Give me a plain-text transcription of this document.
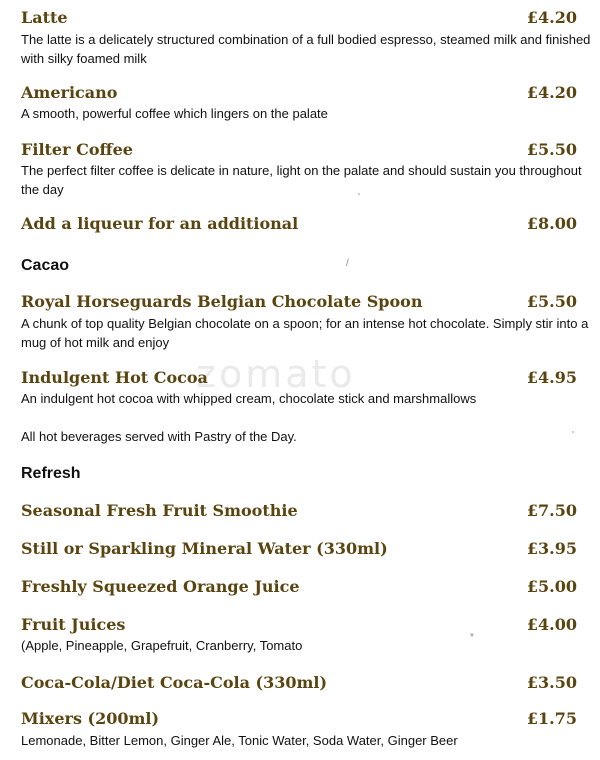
Latte	£4.20
The latte is a delicately structured combination of a full bodied espresso, steamed milk and finished with silky foamed milk
Americano	£4.20
A smooth, powerful coffee which lingers on the palate
Filter Coffee	£5.50
The perfect filter coffee is delicate in nature, light on the palate and should sustain you throughout the day
Add a liqueur for an additional	£8.00
Cacao
Royal Horseguards Belgian Chocolate Spoon	£5.50
A chunk of top quality Belgian chocolate on a spoon; for an intense hot chocolate. Simply stir into a mug of hot milk and enjoy
zomato
Indulgent Hot Cocoa	£4.95
An indulgent hot cocoa with whipped cream, chocolate stick and marshmallows
All hot beverages served with Pastry of the Day.
Refresh
Seasonal Fresh Fruit Smoothie	£7.50
Still or Sparkling Mineral Water (330ml)	£3.95
Freshly Squeezed Orange Juice	£5.00
Fruit Juices	£4.00
(Apple, Pineapple, Grapefruit, Cranberry, Tomato
Coca-Cola/Diet Coca-Cola (330ml)	£3.50
Mixers (200ml)	£1.75
Lemonade, Bitter Lemon, Ginger Ale, Tonic Water, Soda Water, Ginger Beer
'
/
'
*
